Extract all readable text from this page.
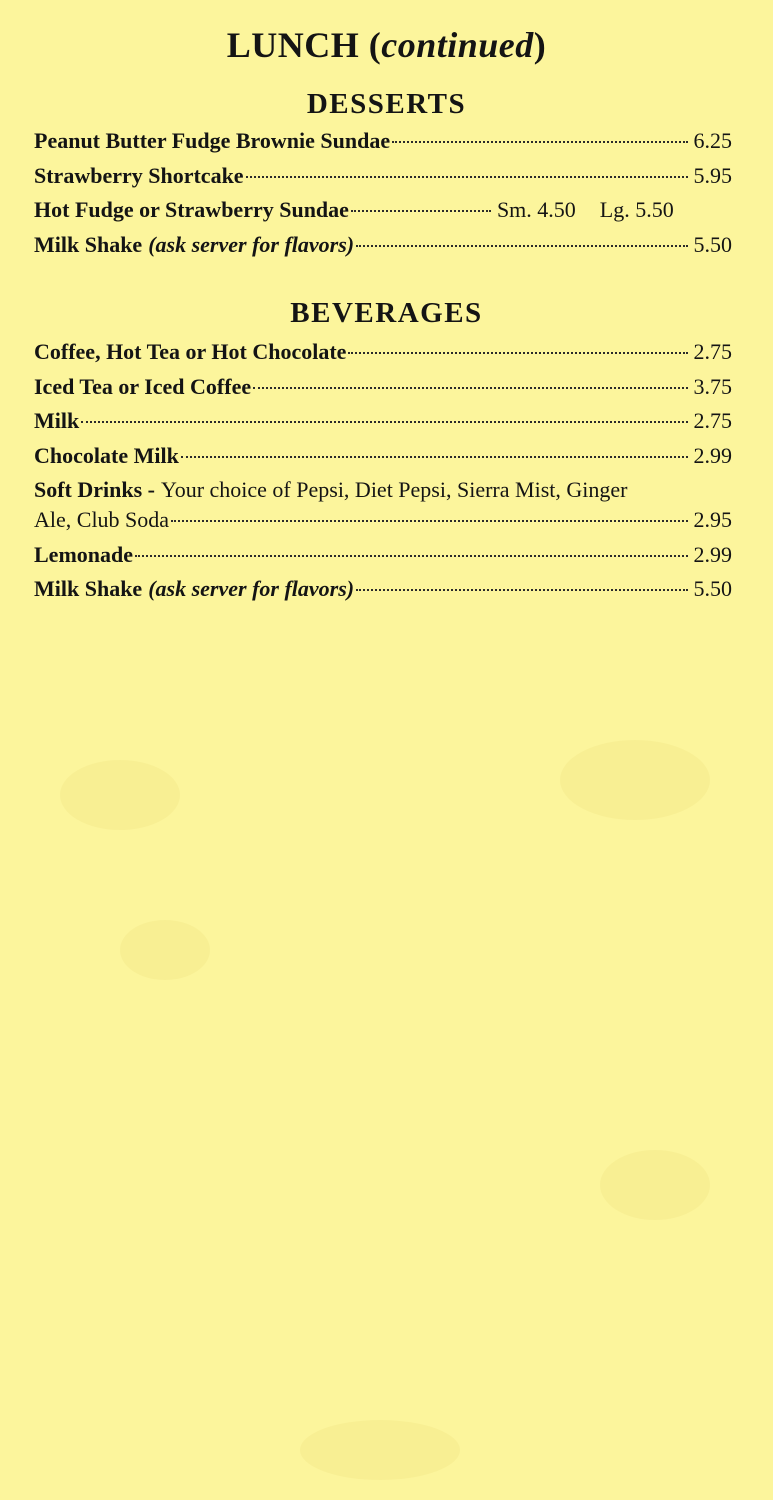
LUNCH (continued)
DESSERTS
Peanut Butter Fudge Brownie Sundae	6.25
Strawberry Shortcake	5.95
Hot Fudge or Strawberry Sundae	Sm. 4.50	Lg. 5.50
Milk Shake (ask server for flavors)	5.50
BEVERAGES
Coffee, Hot Tea or Hot Chocolate	2.75
Iced Tea or Iced Coffee	3.75
Milk	2.75
Chocolate Milk	2.99
Soft Drinks - Your choice of Pepsi, Diet Pepsi, Sierra Mist, Ginger
Ale, Club Soda	2.95
Lemonade	2.99
Milk Shake (ask server for flavors)	5.50
